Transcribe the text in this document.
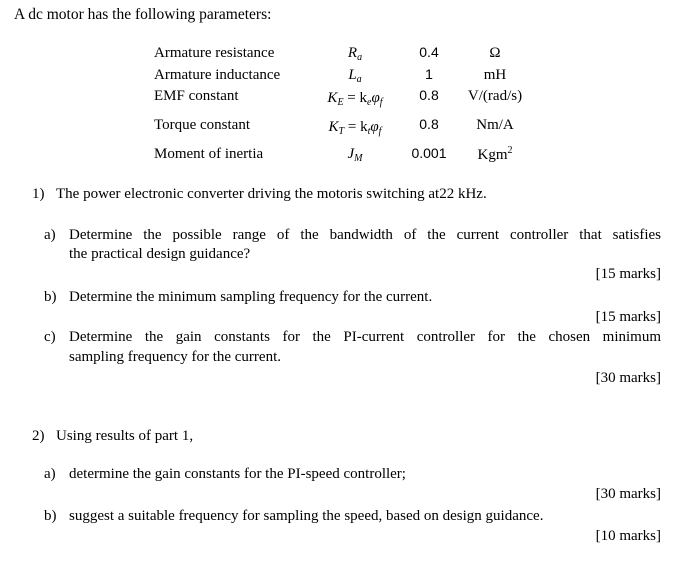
A dc motor has the following parameters:
Armature resistance	$R_a$	0.4	Ω
Armature inductance	$L_a$	1	mH
EMF constant	$K_E = k_e\varphi_f$	0.8	V/(rad/s)
Torque constant	$K_T = k_t\varphi_f$	0.8	Nm/A
Moment of inertia	$J_M$	0.001	Kgm$^2$
1) The power electronic converter driving the motoris switching at22 kHz.
a) Determine the possible range of the bandwidth of the current controller that satisfies
the practical design guidance?
[15 marks]
b) Determine the minimum sampling frequency for the current.
[15 marks]
c) Determine the gain constants for the PI-current controller for the chosen minimum
sampling frequency for the current.
[30 marks]
2) Using results of part 1,
a) determine the gain constants for the PI-speed controller;
[30 marks]
b) suggest a suitable frequency for sampling the speed, based on design guidance.
[10 marks]
